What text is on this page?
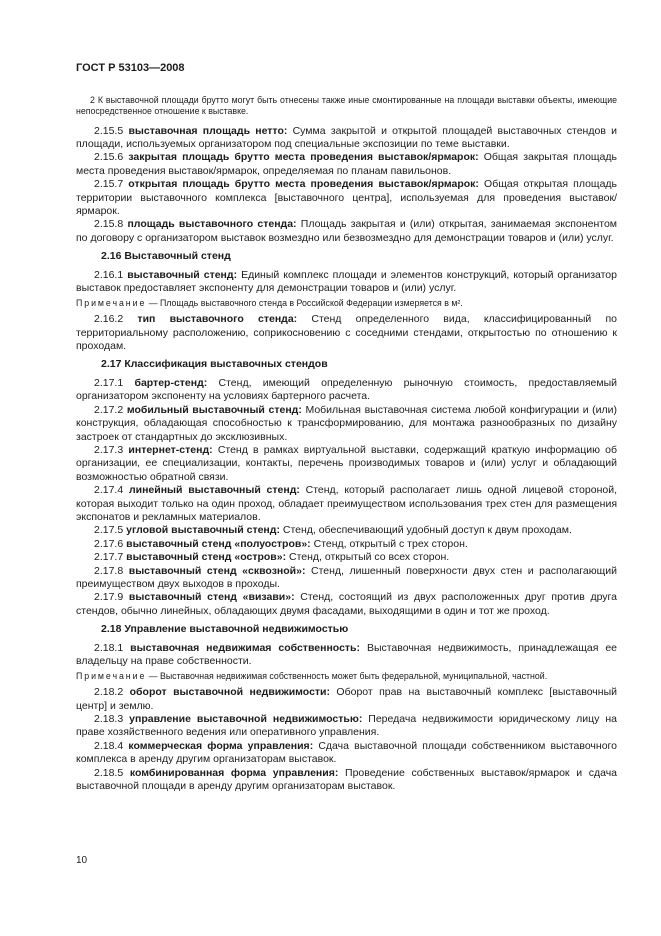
ГОСТ Р 53103—2008

2 К выставочной площади брутто могут быть отнесены также иные смонтированные на площади выставки объекты, имеющие непосредственное отношение к выставке.

2.15.5 выставочная площадь нетто: Сумма закрытой и открытой площадей выставочных стендов и площади, используемых организатором под специальные экспозиции по теме выставки.

2.15.6 закрытая площадь брутто места проведения выставок/ярмарок: Общая закрытая площадь места проведения выставок/ярмарок, определяемая по планам павильонов.

2.15.7 открытая площадь брутто места проведения выставок/ярмарок: Общая открытая площадь территории выставочного комплекса [выставочного центра], используемая для проведения выставок/ярмарок.

2.15.8 площадь выставочного стенда: Площадь закрытая и (или) открытая, занимаемая экспонентом по договору с организатором выставок возмездно или безвозмездно для демонстрации товаров и (или) услуг.

2.16 Выставочный стенд

2.16.1 выставочный стенд: Единый комплекс площади и элементов конструкций, который организатор выставок предоставляет экспоненту для демонстрации товаров и (или) услуг.

Примечание — Площадь выставочного стенда в Российской Федерации измеряется в м².

2.16.2 тип выставочного стенда: Стенд определенного вида, классифицированный по территориальному расположению, соприкосновению с соседними стендами, открытостью по отношению к проходам.

2.17 Классификация выставочных стендов

2.17.1 бартер-стенд: Стенд, имеющий определенную рыночную стоимость, предоставляемый организатором экспоненту на условиях бартерного расчета.

2.17.2 мобильный выставочный стенд: Мобильная выставочная система любой конфигурации и (или) конструкция, обладающая способностью к трансформированию, для монтажа разнообразных по дизайну застроек от стандартных до эксклюзивных.

2.17.3 интернет-стенд: Стенд в рамках виртуальной выставки, содержащий краткую информацию об организации, ее специализации, контакты, перечень производимых товаров и (или) услуг и обладающий возможностью обратной связи.

2.17.4 линейный выставочный стенд: Стенд, который располагает лишь одной лицевой стороной, которая выходит только на один проход, обладает преимуществом использования трех стен для размещения экспонатов и рекламных материалов.

2.17.5 угловой выставочный стенд: Стенд, обеспечивающий удобный доступ к двум проходам.

2.17.6 выставочный стенд «полуостров»: Стенд, открытый с трех сторон.

2.17.7 выставочный стенд «остров»: Стенд, открытый со всех сторон.

2.17.8 выставочный стенд «сквозной»: Стенд, лишенный поверхности двух стен и располагающий преимуществом двух выходов в проходы.

2.17.9 выставочный стенд «визави»: Стенд, состоящий из двух расположенных друг против друга стендов, обычно линейных, обладающих двумя фасадами, выходящими в один и тот же проход.

2.18 Управление выставочной недвижимостью

2.18.1 выставочная недвижимая собственность: Выставочная недвижимость, принадлежащая ее владельцу на праве собственности.

Примечание — Выставочная недвижимая собственность может быть федеральной, муниципальной, частной.

2.18.2 оборот выставочной недвижимости: Оборот прав на выставочный комплекс [выставочный центр] и землю.

2.18.3 управление выставочной недвижимостью: Передача недвижимости юридическому лицу на праве хозяйственного ведения или оперативного управления.

2.18.4 коммерческая форма управления: Сдача выставочной площади собственником выставочного комплекса в аренду другим организаторам выставок.

2.18.5 комбинированная форма управления: Проведение собственных выставок/ярмарок и сдача выставочной площади в аренду другим организаторам выставок.

10
